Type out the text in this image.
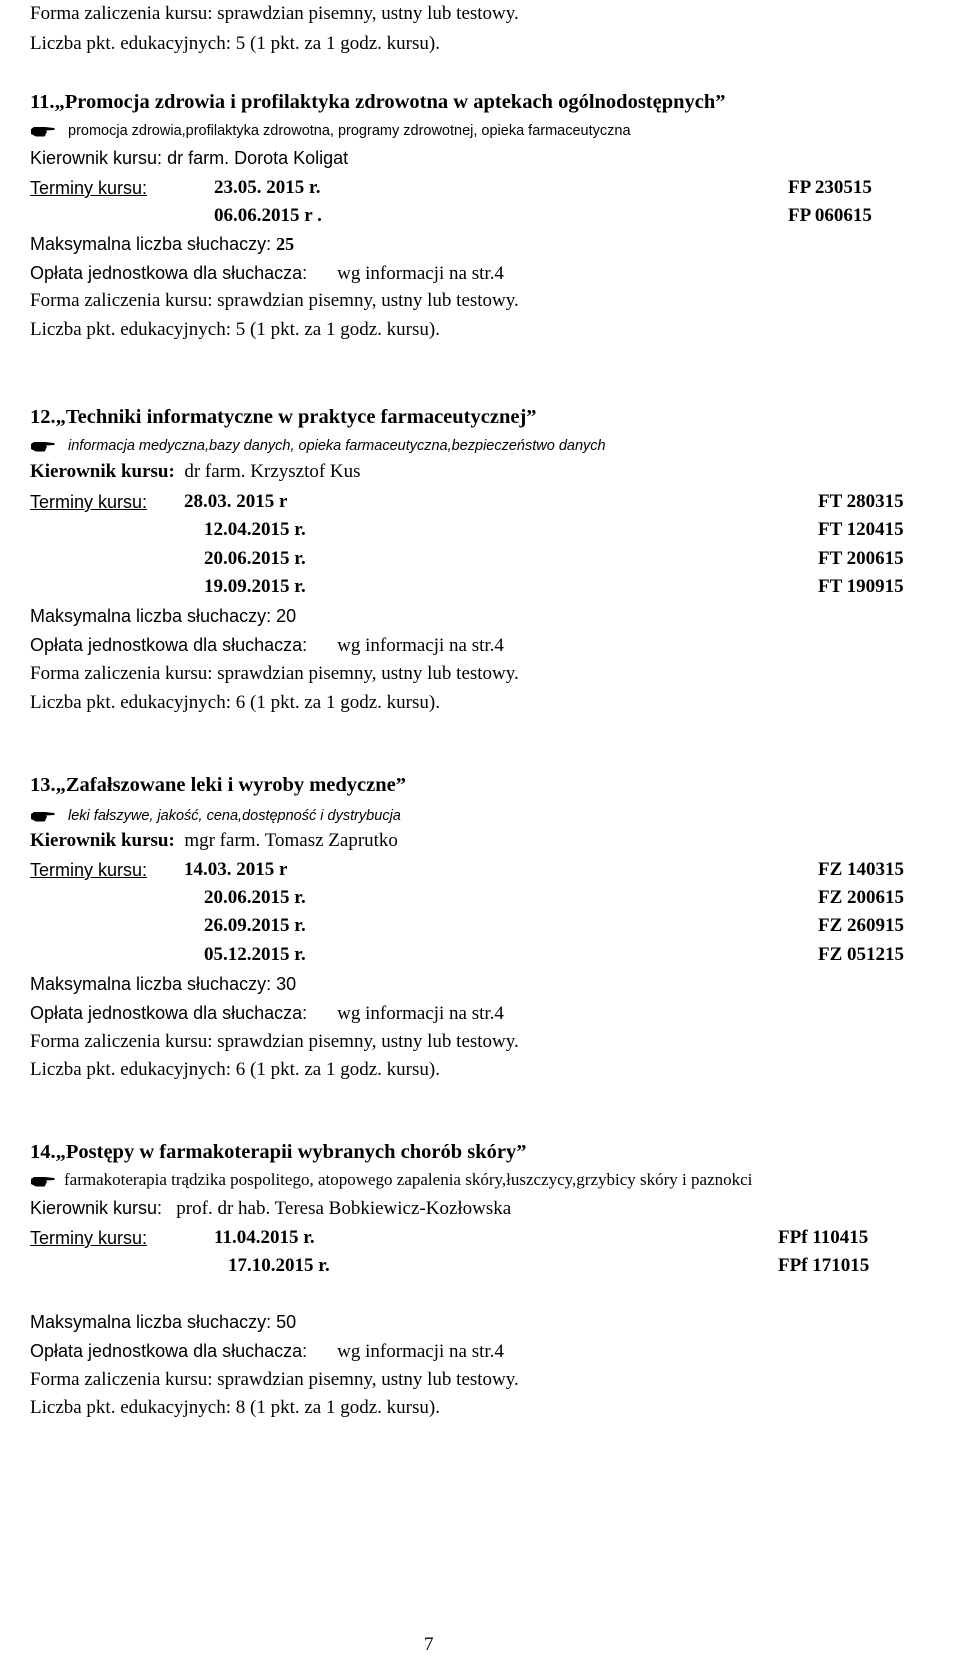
Forma zaliczenia kursu: sprawdzian pisemny, ustny lub testowy.
Liczba pkt. edukacyjnych: 5 (1 pkt. za 1 godz. kursu).
11.„Promocja zdrowia i profilaktyka zdrowotna w aptekach ogólnodostępnych”
promocja zdrowia,profilaktyka zdrowotna, programy zdrowotnej, opieka farmaceutyczna
Kierownik kursu: dr farm. Dorota Koligat
Terminy kursu:	23.05. 2015 r.	FP 230515
06.06.2015 r .	FP 060615
Maksymalna liczba słuchaczy: 25
Opłata jednostkowa dla słuchacza: wg informacji na str.4
Forma zaliczenia kursu: sprawdzian pisemny, ustny lub testowy.
Liczba pkt. edukacyjnych: 5 (1 pkt. za 1 godz. kursu).
12.„Techniki informatyczne w praktyce farmaceutycznej”
informacja medyczna,bazy danych, opieka farmaceutyczna,bezpieczeństwo danych
Kierownik kursu: dr farm. Krzysztof Kus
Terminy kursu: 28.03. 2015 r	FT 280315
12.04.2015 r.	FT 120415
20.06.2015 r.	FT 200615
19.09.2015 r.	FT 190915
Maksymalna liczba słuchaczy: 20
Opłata jednostkowa dla słuchacza: wg informacji na str.4
Forma zaliczenia kursu: sprawdzian pisemny, ustny lub testowy.
Liczba pkt. edukacyjnych: 6 (1 pkt. za 1 godz. kursu).
13.„Zafałszowane leki i wyroby medyczne”
leki fałszywe, jakość, cena,dostępność i dystrybucja
Kierownik kursu: mgr farm. Tomasz Zaprutko
Terminy kursu: 14.03. 2015 r	FZ 140315
20.06.2015 r.	FZ 200615
26.09.2015 r.	FZ 260915
05.12.2015 r.	FZ 051215
Maksymalna liczba słuchaczy: 30
Opłata jednostkowa dla słuchacza: wg informacji na str.4
Forma zaliczenia kursu: sprawdzian pisemny, ustny lub testowy.
Liczba pkt. edukacyjnych: 6 (1 pkt. za 1 godz. kursu).
14.„Postępy w farmakoterapii wybranych chorób skóry”
farmakoterapia trądzika pospolitego, atopowego zapalenia skóry,łuszczycy,grzybicy skóry i paznokci
Kierownik kursu: prof. dr hab. Teresa Bobkiewicz-Kozłowska
Terminy kursu:	11.04.2015 r.	FPf 110415
17.10.2015 r.	FPf 171015
Maksymalna liczba słuchaczy: 50
Opłata jednostkowa dla słuchacza: wg informacji na str.4
Forma zaliczenia kursu: sprawdzian pisemny, ustny lub testowy.
Liczba pkt. edukacyjnych: 8 (1 pkt. za 1 godz. kursu).
7
